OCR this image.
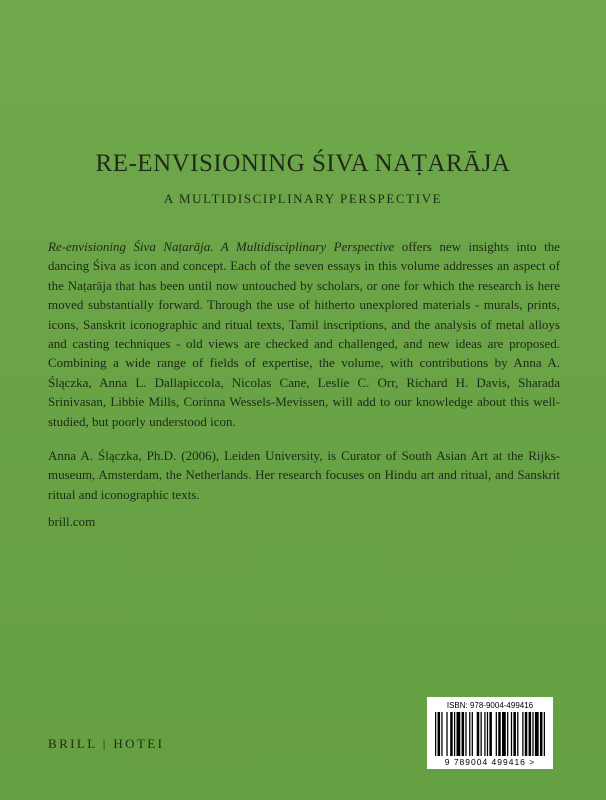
RE-ENVISIONING ŚIVA NAṬARĀJA
A MULTIDISCIPLINARY PERSPECTIVE
Re-envisioning Śiva Naṭarāja. A Multidisciplinary Perspective offers new insights into the dancing Śiva as icon and concept. Each of the seven essays in this volume addresses an aspect of the Naṭarāja that has been until now untouched by scholars, or one for which the research is here moved substantially forward. Through the use of hitherto unexplored materials - murals, prints, icons, Sanskrit iconographic and ritual texts, Tamil inscriptions, and the analysis of metal alloys and casting techniques - old views are checked and challenged, and new ideas are proposed. Combining a wide range of fields of expertise, the volume, with contributions by Anna A. Ślączka, Anna L. Dallapiccola, Nicolas Cane, Leslie C. Orr, Richard H. Davis, Sharada Srinivasan, Libbie Mills, Corinna Wessels-Mevissen, will add to our knowledge about this well-studied, but poorly understood icon.
Anna A. Ślączka, Ph.D. (2006), Leiden University, is Curator of South Asian Art at the Rijks-museum, Amsterdam, the Netherlands. Her research focuses on Hindu art and ritual, and Sanskrit ritual and iconographic texts.
brill.com
BRILL | HOTEI
ISBN: 978-9004-499416
9 789004 499416 >
